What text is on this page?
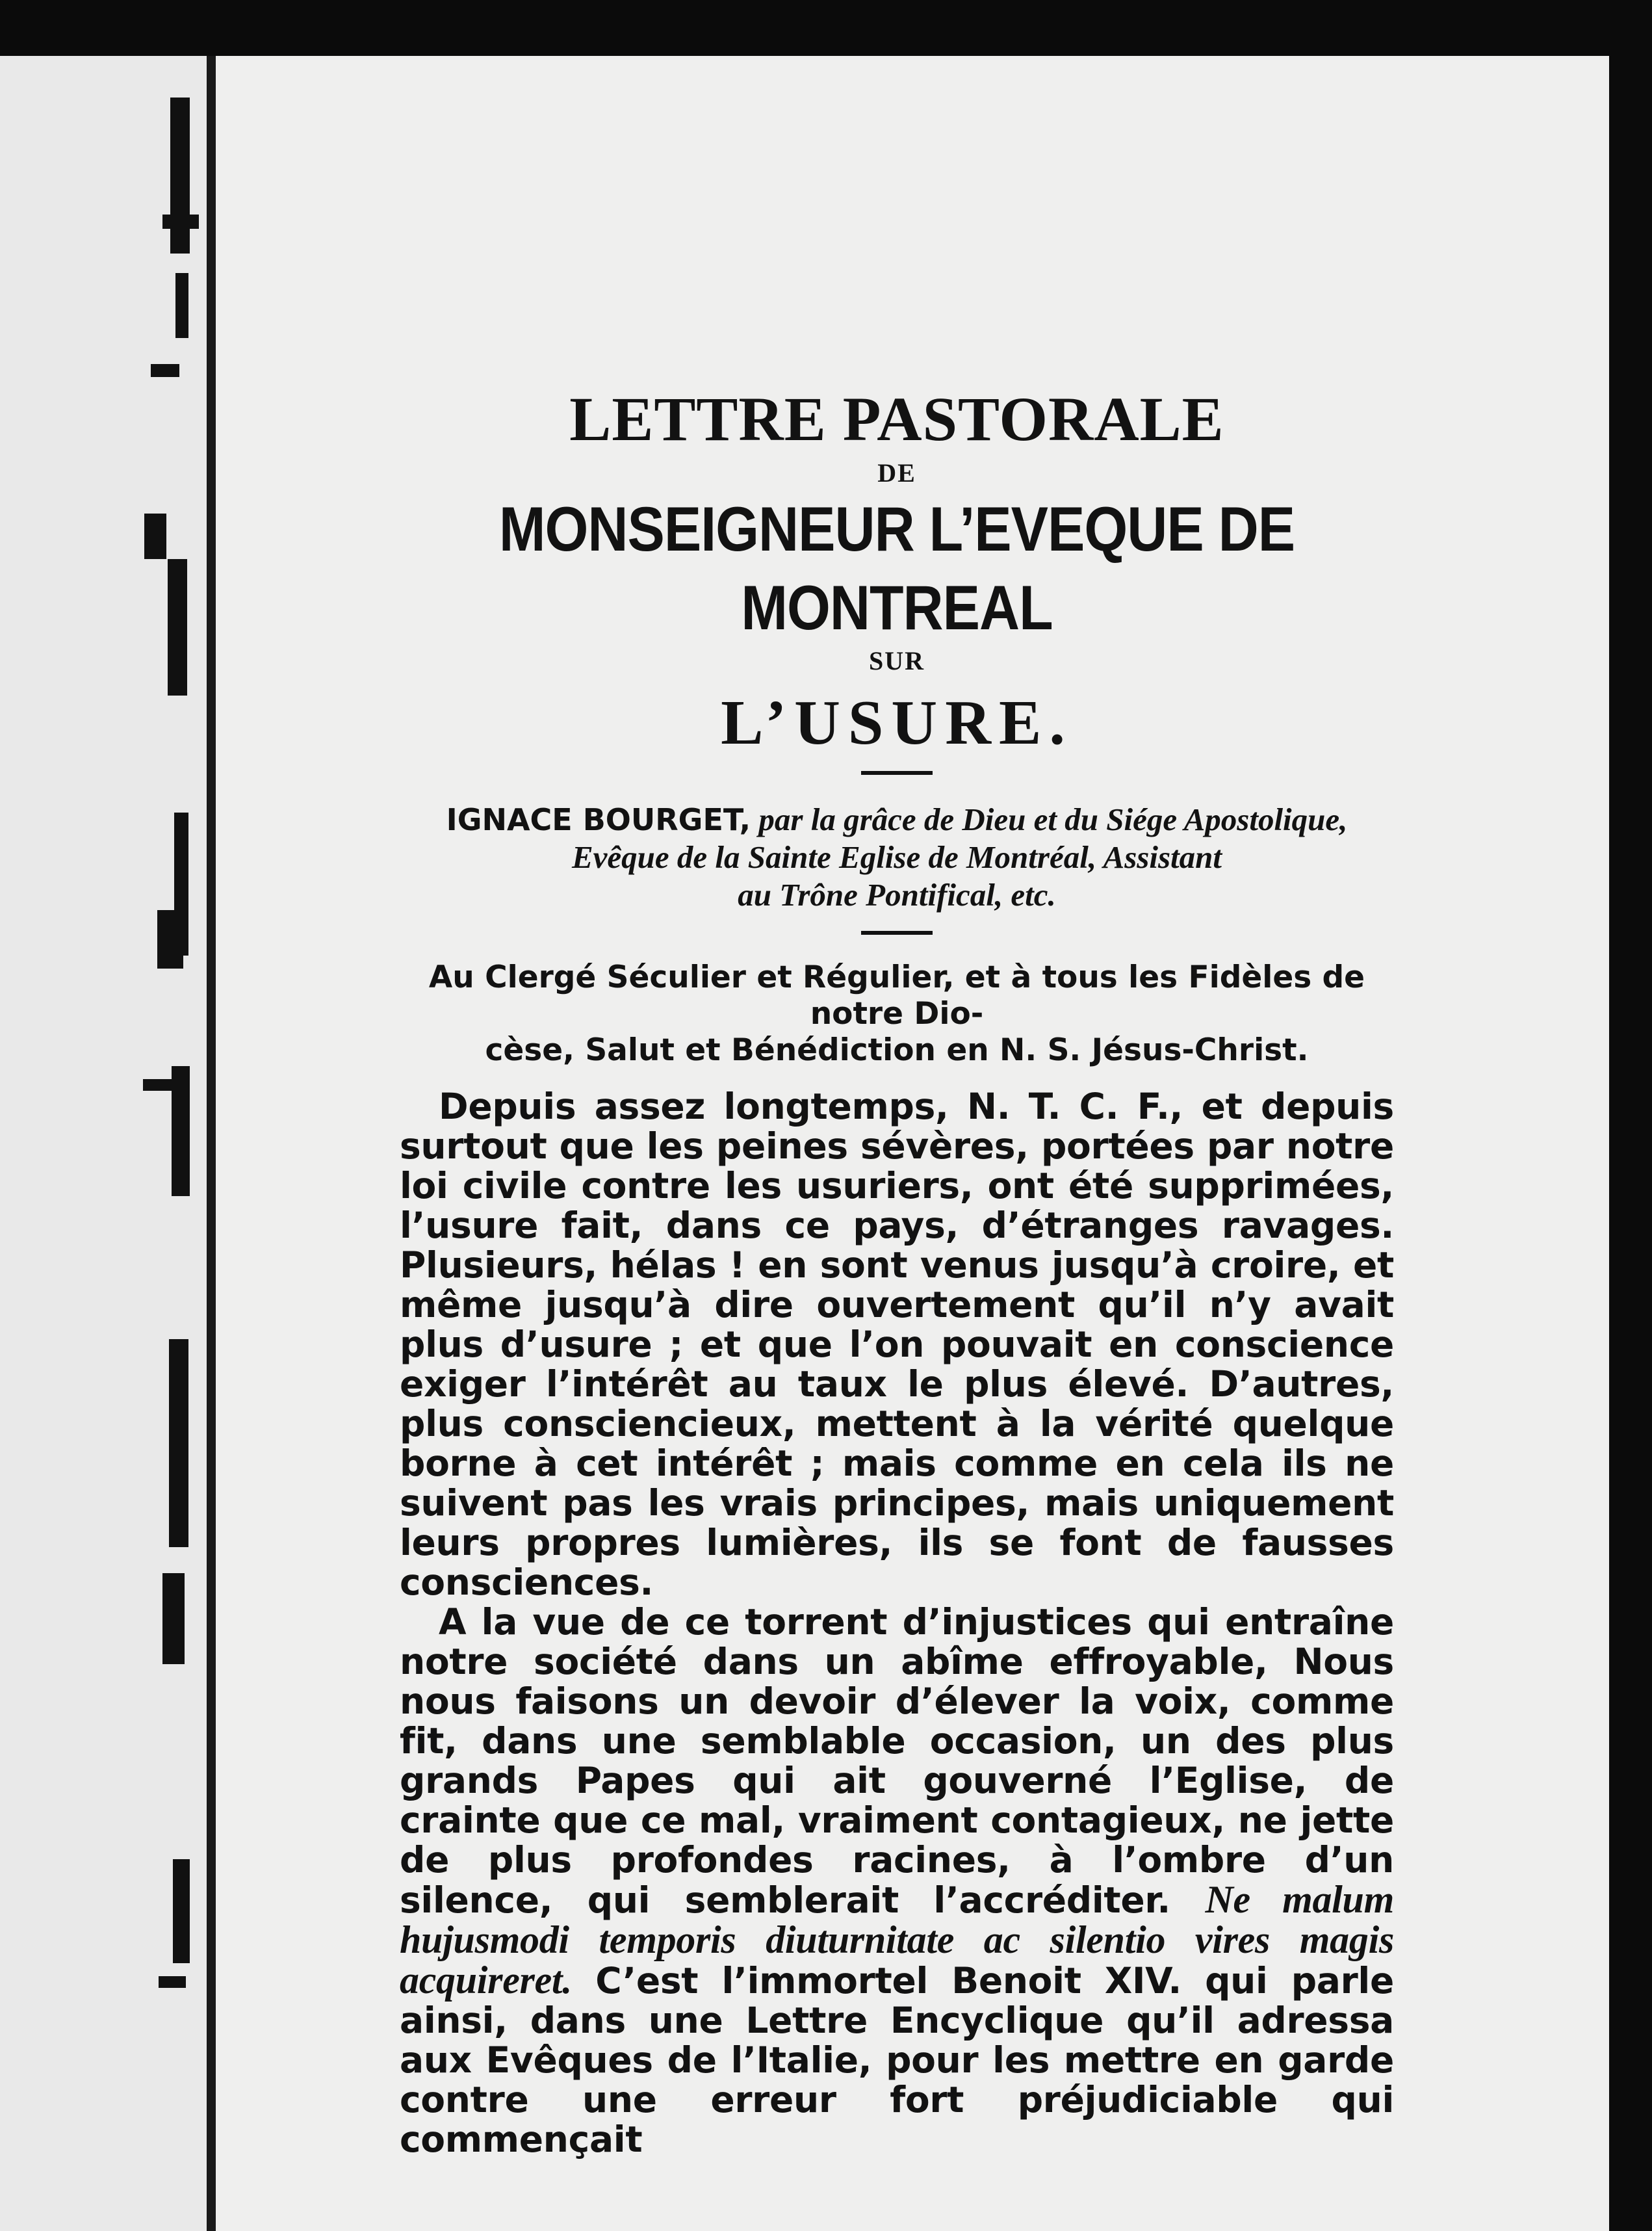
LETTRE PASTORALE
DE
MONSEIGNEUR L’EVEQUE DE MONTREAL
SUR
L’USURE.
IGNACE BOURGET, par la grâce de Dieu et du Siége Apostolique,
Evêque de la Sainte Eglise de Montréal, Assistant
au Trône Pontifical, etc.
Au Clergé Séculier et Régulier, et à tous les Fidèles de notre Dio-
cèse, Salut et Bénédiction en N. S. Jésus-Christ.

Depuis assez longtemps, N. T. C. F., et depuis surtout que les peines sévères, portées par notre loi civile contre les usuriers, ont été supprimées, l’usure fait, dans ce pays, d’étranges ravages. Plusieurs, hélas ! en sont venus jusqu’à croire, et même jusqu’à dire ouvertement qu’il n’y avait plus d’usure ; et que l’on pouvait en conscience exiger l’intérêt au taux le plus élevé. D’autres, plus consciencieux, mettent à la vérité quelque borne à cet intérêt ; mais comme en cela ils ne suivent pas les vrais principes, mais uniquement leurs propres lumières, ils se font de fausses consciences.

A la vue de ce torrent d’injustices qui entraîne notre société dans un abîme effroyable, Nous nous faisons un devoir d’élever la voix, comme fit, dans une semblable occasion, un des plus grands Papes qui ait gouverné l’Eglise, de crainte que ce mal, vraiment contagieux, ne jette de plus profondes racines, à l’ombre d’un silence, qui semblerait l’accréditer. Ne malum hujusmodi temporis diuturnitate ac silentio vires magis acquireret. C’est l’immortel Benoit XIV. qui parle ainsi, dans une Lettre Encyclique qu’il adressa aux Evêques de l’Italie, pour les mettre en garde contre une erreur fort préjudiciable qui commençait
